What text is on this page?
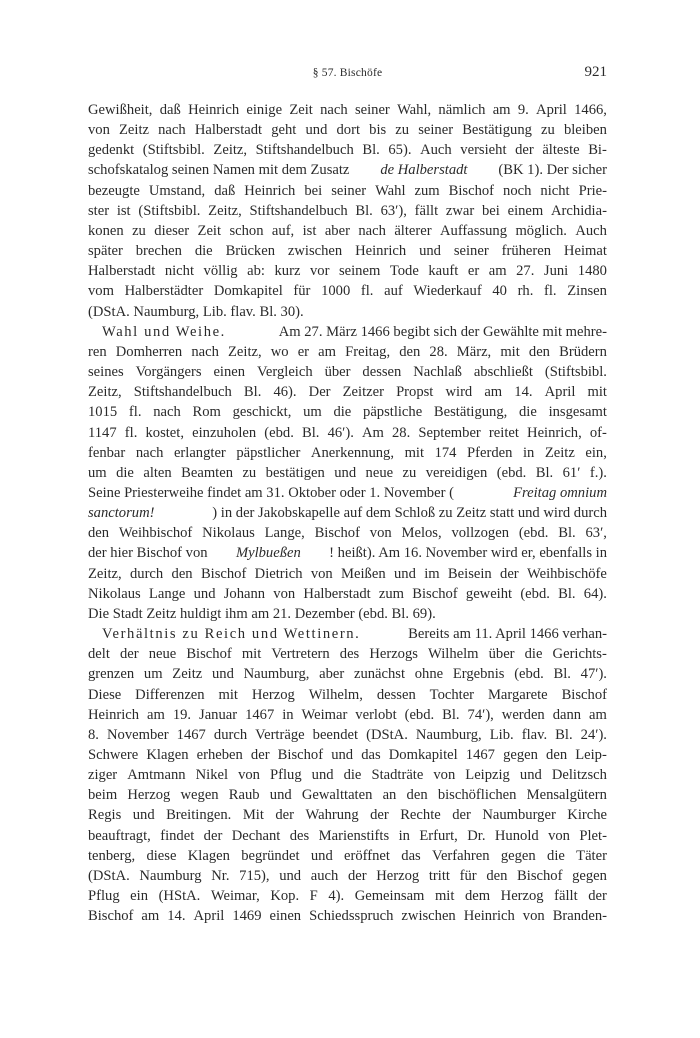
§ 57. Bischöfe	921
Gewißheit, daß Heinrich einige Zeit nach seiner Wahl, nämlich am 9. April 1466,
von Zeitz nach Halberstadt geht und dort bis zu seiner Bestätigung zu bleiben
gedenkt (Stiftsbibl. Zeitz, Stiftshandelbuch Bl. 65). Auch versieht der älteste Bi-
schofskatalog seinen Namen mit dem Zusatz de Halberstadt (BK 1). Der sicher
bezeugte Umstand, daß Heinrich bei seiner Wahl zum Bischof noch nicht Prie-
ster ist (Stiftsbibl. Zeitz, Stiftshandelbuch Bl. 63′), fällt zwar bei einem Archidia-
konen zu dieser Zeit schon auf, ist aber nach älterer Auffassung möglich. Auch
später brechen die Brücken zwischen Heinrich und seiner früheren Heimat
Halberstadt nicht völlig ab: kurz vor seinem Tode kauft er am 27. Juni 1480
vom Halberstädter Domkapitel für 1000 fl. auf Wiederkauf 40 rh. fl. Zinsen
(DStA. Naumburg, Lib. flav. Bl. 30).
Wahl und Weihe.	Am 27. März 1466 begibt sich der Gewählte mit mehre-
ren Domherren nach Zeitz, wo er am Freitag, den 28. März, mit den Brüdern
seines Vorgängers einen Vergleich über dessen Nachlaß abschließt (Stiftsbibl.
Zeitz, Stiftshandelbuch Bl. 46). Der Zeitzer Propst wird am 14. April mit
1015 fl. nach Rom geschickt, um die päpstliche Bestätigung, die insgesamt
1147 fl. kostet, einzuholen (ebd. Bl. 46′). Am 28. September reitet Heinrich, of-
fenbar nach erlangter päpstlicher Anerkennung, mit 174 Pferden in Zeitz ein,
um die alten Beamten zu bestätigen und neue zu vereidigen (ebd. Bl. 61′ f.).
Seine Priesterweihe findet am 31. Oktober oder 1. November (	Freitag omnium
sanctorum!	) in der Jakobskapelle auf dem Schloß zu Zeitz statt und wird durch
den Weihbischof Nikolaus Lange, Bischof von Melos, vollzogen (ebd. Bl. 63′,
der hier Bischof von Mylbueßen ! heißt). Am 16. November wird er, ebenfalls in
Zeitz, durch den Bischof Dietrich von Meißen und im Beisein der Weihbischöfe
Nikolaus Lange und Johann von Halberstadt zum Bischof geweiht (ebd. Bl. 64).
Die Stadt Zeitz huldigt ihm am 21. Dezember (ebd. Bl. 69).
Verhältnis zu Reich und Wettinern.	Bereits am 11. April 1466 verhan-
delt der neue Bischof mit Vertretern des Herzogs Wilhelm über die Gerichts-
grenzen um Zeitz und Naumburg, aber zunächst ohne Ergebnis (ebd. Bl. 47′).
Diese Differenzen mit Herzog Wilhelm, dessen Tochter Margarete Bischof
Heinrich am 19. Januar 1467 in Weimar verlobt (ebd. Bl. 74′), werden dann am
8. November 1467 durch Verträge beendet (DStA. Naumburg, Lib. flav. Bl. 24′).
Schwere Klagen erheben der Bischof und das Domkapitel 1467 gegen den Leip-
ziger Amtmann Nikel von Pflug und die Stadträte von Leipzig und Delitzsch
beim Herzog wegen Raub und Gewalttaten an den bischöflichen Mensalgütern
Regis und Breitingen. Mit der Wahrung der Rechte der Naumburger Kirche
beauftragt, findet der Dechant des Marienstifts in Erfurt, Dr. Hunold von Plet-
tenberg, diese Klagen begründet und eröffnet das Verfahren gegen die Täter
(DStA. Naumburg Nr. 715), und auch der Herzog tritt für den Bischof gegen
Pflug ein (HStA. Weimar, Kop. F 4). Gemeinsam mit dem Herzog fällt der
Bischof am 14. April 1469 einen Schiedsspruch zwischen Heinrich von Branden-
